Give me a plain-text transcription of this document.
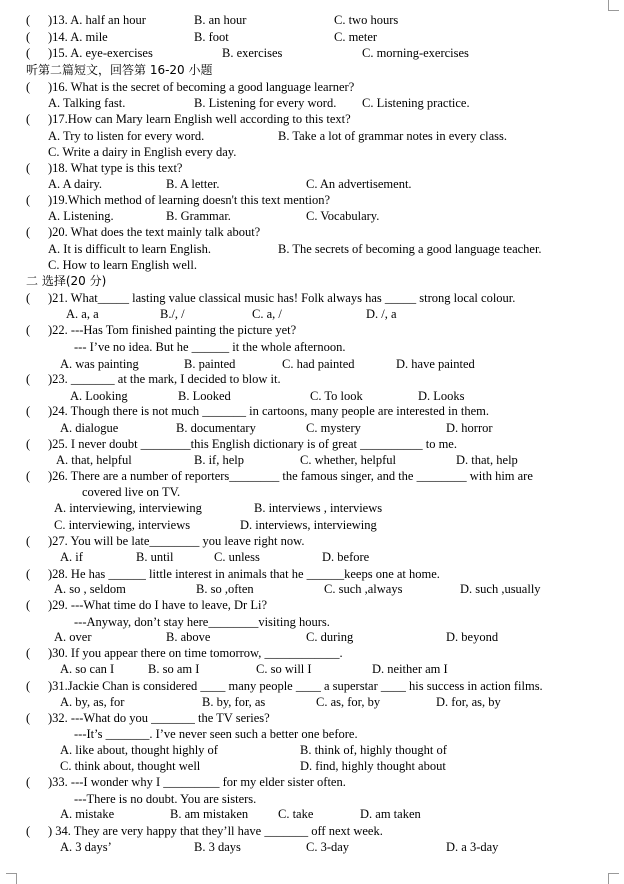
( )13. A. half an hour	B. an hour	C. two hours
( )14. A. mile	B. foot	C. meter
( )15. A. eye-exercises	B. exercises	C. morning-exercises
听第二篇短文，回答第 16-20 小题
( )16. What is the secret of becoming a good language learner?
A. Talking fast.	B. Listening for every word. C. Listening practice.
( )17.How can Mary learn English well according to this text?
A. Try to listen for every word.	B. Take a lot of grammar notes in every class.
C. Write a dairy in English every day.
( )18. What type is this text?
A. A dairy.	B. A letter.	C. An advertisement.
( )19.Which method of learning doesn't this text mention?
A. Listening.	B. Grammar.	C. Vocabulary.
( )20. What does the text mainly talk about?
A. It is difficult to learn English.	B. The secrets of becoming a good language teacher.
C. How to learn English well.
二 选择(20 分)
( )21. What_____ lasting value classical music has! Folk always has _____ strong local colour.
A. a, a	B./, /	C. a, /	D. /, a
( )22. ---Has Tom finished painting the picture yet?
--- I’ve no idea. But he ______ it the whole afternoon.
A. was painting	B. painted	C. had painted	D. have painted
( )23. _______ at the mark, I decided to blow it.
A. Looking	B. Looked	C. To look	D. Looks
( )24. Though there is not much _______ in cartoons, many people are interested in them.
A. dialogue	B. documentary	C. mystery	D. horror
( )25. I never doubt ________this English dictionary is of great __________ to me.
A. that, helpful	B. if, help	C. whether, helpful	D. that, help
( )26. There are a number of reporters________ the famous singer, and the ________ with him are
covered live on TV.
A. interviewing, interviewing	B. interviews , interviews
C. interviewing, interviews	D. interviews, interviewing
( )27. You will be late________ you leave right now.
A. if	B. until	C. unless	D. before
( )28. He has ______ little interest in animals that he ______keeps one at home.
A. so , seldom	B. so ,often	C. such ,always	D. such ,usually
( )29. ---What time do I have to leave, Dr Li?
---Anyway, don’t stay here________visiting hours.
A. over	B. above	C. during	D. beyond
( )30. If you appear there on time tomorrow, ____________.
A. so can I	B. so am I	C. so will I	D. neither am I
( )31.Jackie Chan is considered ____ many people ____ a superstar ____ his success in action films.
A. by, as, for	B. by, for, as	C. as, for, by	D. for, as, by
( )32. ---What do you _______ the TV series?
---It’s _______. I’ve never seen such a better one before.
A. like about, thought highly of	B. think of, highly thought of
C. think about, thought well	D. find, highly thought about
( )33. ---I wonder why I _________ for my elder sister often.
---There is no doubt. You are sisters.
A. mistake	B. am mistaken C. take	D. am taken
( ) 34. They are very happy that they’ll have _______ off next week.
A. 3 days’	B. 3 days	C. 3-day	D. a 3-day
